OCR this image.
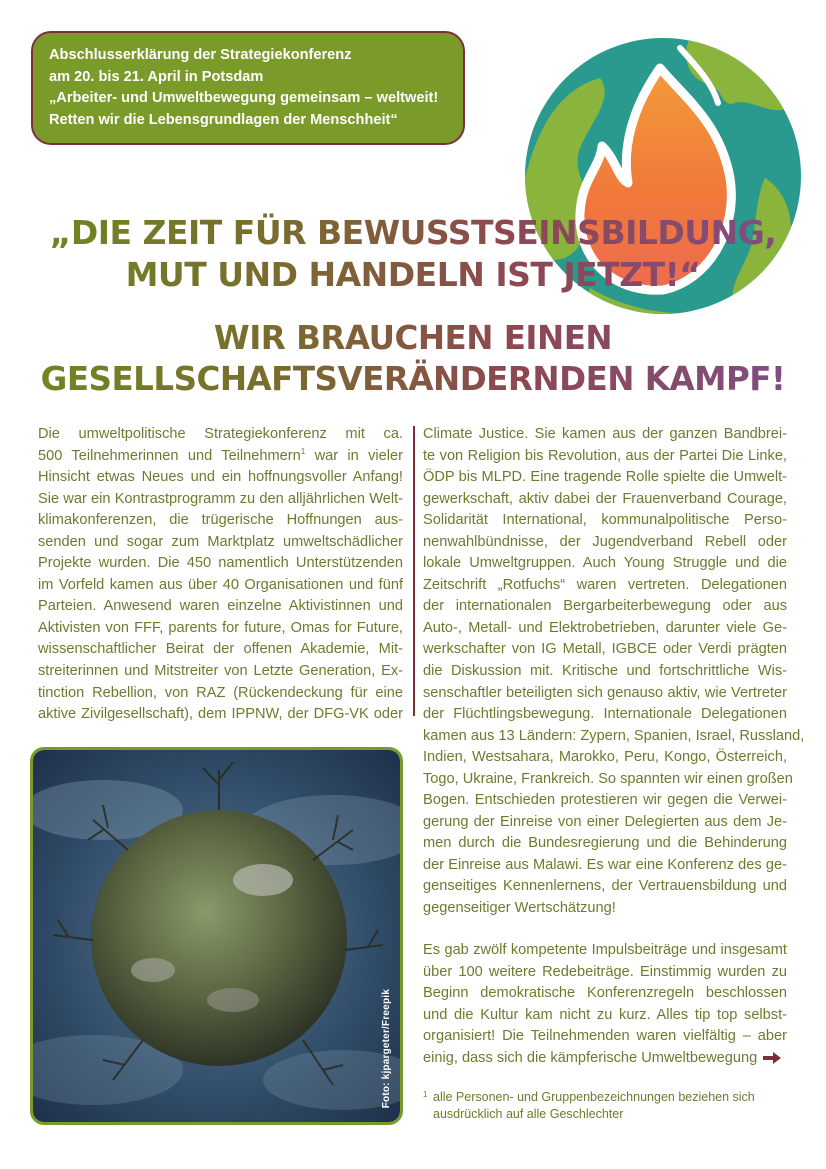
Abschlusserklärung der Strategiekonferenz
am 20. bis 21. April in Potsdam
„Arbeiter- und Umweltbewegung gemeinsam – weltweit!
Retten wir die Lebensgrundlagen der Menschheit“
„DIE ZEIT FÜR BEWUSSTSEINSBILDUNG,
MUT UND HANDELN IST JETZT!“
WIR BRAUCHEN EINEN
GESELLSCHAFTSVERÄNDERNDEN KAMPF!
Die umweltpolitische Strategiekonferenz mit ca.
500 Teilnehmerinnen und Teilnehmern$^1$ war in vieler
Hinsicht etwas Neues und ein hoffnungsvoller Anfang!
Sie war ein Kontrastprogramm zu den alljährlichen Welt-
klimakonferenzen, die trügerische Hoffnungen aus-
senden und sogar zum Marktplatz umweltschädlicher
Projekte wurden. Die 450 namentlich Unterstützenden
im Vorfeld kamen aus über 40 Organisationen und fünf
Parteien. Anwesend waren einzelne Aktivistinnen und
Aktivisten von FFF, parents for future, Omas for Future,
wissenschaftlicher Beirat der offenen Akademie, Mit-
streiterinnen und Mitstreiter von Letzte Generation, Ex-
tinction Rebellion, von RAZ (Rückendeckung für eine
aktive Zivilgesellschaft), dem IPPNW, der DFG-VK oder
Climate Justice. Sie kamen aus der ganzen Bandbrei-
te von Religion bis Revolution, aus der Partei Die Linke,
ÖDP bis MLPD. Eine tragende Rolle spielte die Umwelt-
gewerkschaft, aktiv dabei der Frauenverband Courage,
Solidarität International, kommunalpolitische Perso-
nenwahlbündnisse, der Jugendverband Rebell oder
lokale Umweltgruppen. Auch Young Struggle und die
Zeitschrift „Rotfuchs“ waren vertreten. Delegationen
der internationalen Bergarbeiterbewegung oder aus
Auto-, Metall- und Elektrobetrieben, darunter viele Ge-
werkschafter von IG Metall, IGBCE oder Verdi prägten
die Diskussion mit. Kritische und fortschrittliche Wis-
senschaftler beteiligten sich genauso aktiv, wie Vertreter
der Flüchtlingsbewegung. Internationale Delegationen
kamen aus 13 Ländern: Zypern, Spanien, Israel, Russland,
Indien, Westsahara, Marokko, Peru, Kongo, Österreich,
Togo, Ukraine, Frankreich. So spannten wir einen großen
Bogen. Entschieden protestieren wir gegen die Verwei-
gerung der Einreise von einer Delegierten aus dem Je-
men durch die Bundesregierung und die Behinderung
der Einreise aus Malawi. Es war eine Konferenz des ge-
genseitiges Kennenlernens, der Vertrauensbildung und
gegenseitiger Wertschätzung!
Es gab zwölf kompetente Impulsbeiträge und insgesamt
über 100 weitere Redebeiträge. Einstimmig wurden zu
Beginn demokratische Konferenzregeln beschlossen
und die Kultur kam nicht zu kurz. Alles tip top selbst-
organisiert! Die Teilnehmenden waren vielfältig – aber
einig, dass sich die kämpferische Umweltbewegung
Foto: kjpargeter/Freepik	1 alle Personen- und Gruppenbezeichnungen beziehen sich
ausdrücklich auf alle Geschlechter
